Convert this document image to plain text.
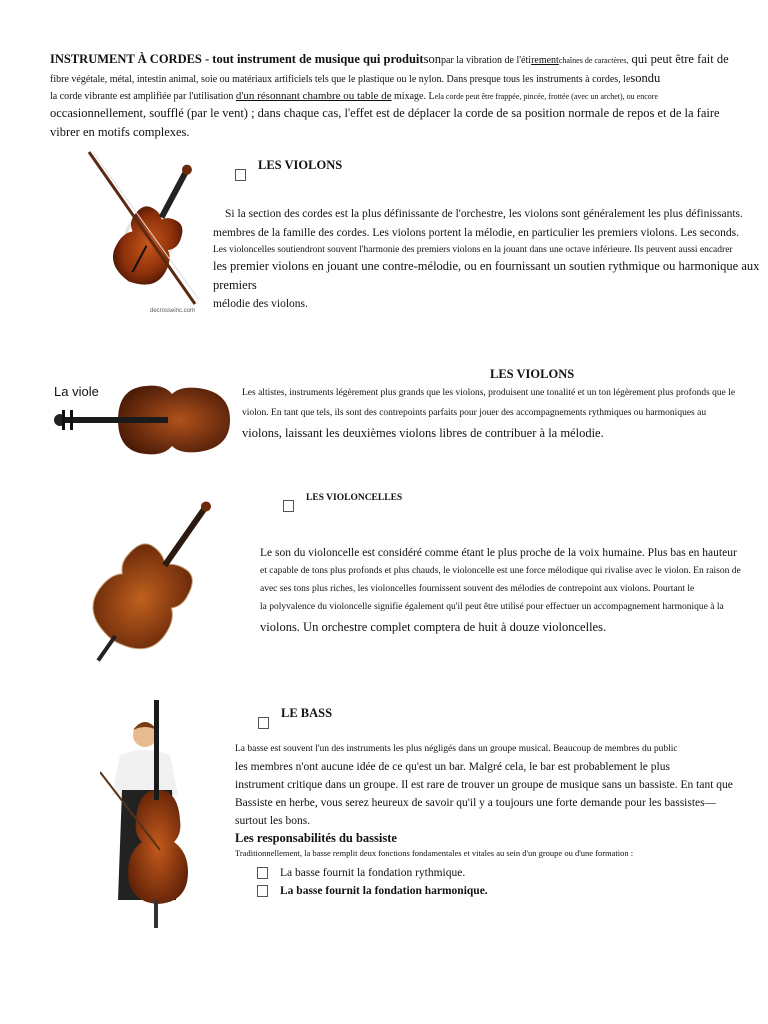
INSTRUMENT À CORDES - tout instrument de musique qui produitsonpar la vibration de l'étirementchaînes de caractères, qui peut être fait de
fibre végétale, métal, intestin animal, soie ou matériaux artificiels tels que le plastique ou le nylon. Dans presque tous les instruments à cordes, lesondu
la corde vibrante est amplifiée par l'utilisation d'un résonnant chambre ou table de mixage. Lela corde peut être frappée, pincée, frottée (avec un archet), ou encore
occasionnellement, soufflé (par le vent) ; dans chaque cas, l'effet est de déplacer la corde de sa position normale de repos et de la faire
vibrer en motifs complexes.
decrosseinc.com
LES VIOLONS

Si la section des cordes est la plus définissante de l'orchestre, les violons sont généralement les plus définissants.

membres de la famille des cordes. Les violons portent la mélodie, en particulier les premiers violons. Les seconds.

Les violoncelles soutiendront souvent l'harmonie des premiers violons en la jouant dans une octave inférieure. Ils peuvent aussi encadrer

les premier violons en jouant une contre-mélodie, ou en fournissant un soutien rythmique ou harmonique aux premiers

mélodie des violons.

La viole
LES VIOLONS

Les altistes, instruments légèrement plus grands que les violons, produisent une tonalité et un ton légèrement plus profonds que le

violon. En tant que tels, ils sont des contrepoints parfaits pour jouer des accompagnements rythmiques ou harmoniques au

violons, laissant les deuxièmes violons libres de contribuer à la mélodie.

LES VIOLONCELLES

Le son du violoncelle est considéré comme étant le plus proche de la voix humaine. Plus bas en hauteur

et capable de tons plus profonds et plus chauds, le violoncelle est une force mélodique qui rivalise avec le violon. En raison de

avec ses tons plus riches, les violoncelles fournissent souvent des mélodies de contrepoint aux violons. Pourtant le

la polyvalence du violoncelle signifie également qu'il peut être utilisé pour effectuer un accompagnement harmonique à la

violons. Un orchestre complet comptera de huit à douze violoncelles.

LE BASS

La basse est souvent l'un des instruments les plus négligés dans un groupe musical. Beaucoup de membres du public

les membres n'ont aucune idée de ce qu'est un bar. Malgré cela, le bar est probablement le plus

instrument critique dans un groupe. Il est rare de trouver un groupe de musique sans un bassiste. En tant que

Bassiste en herbe, vous serez heureux de savoir qu'il y a toujours une forte demande pour les bassistes—

surtout les bons.

Les responsabilités du bassiste

Traditionnellement, la basse remplit deux fonctions fondamentales et vitales au sein d'un groupe ou d'une formation :

La basse fournit la fondation rythmique.
La basse fournit la fondation harmonique.
